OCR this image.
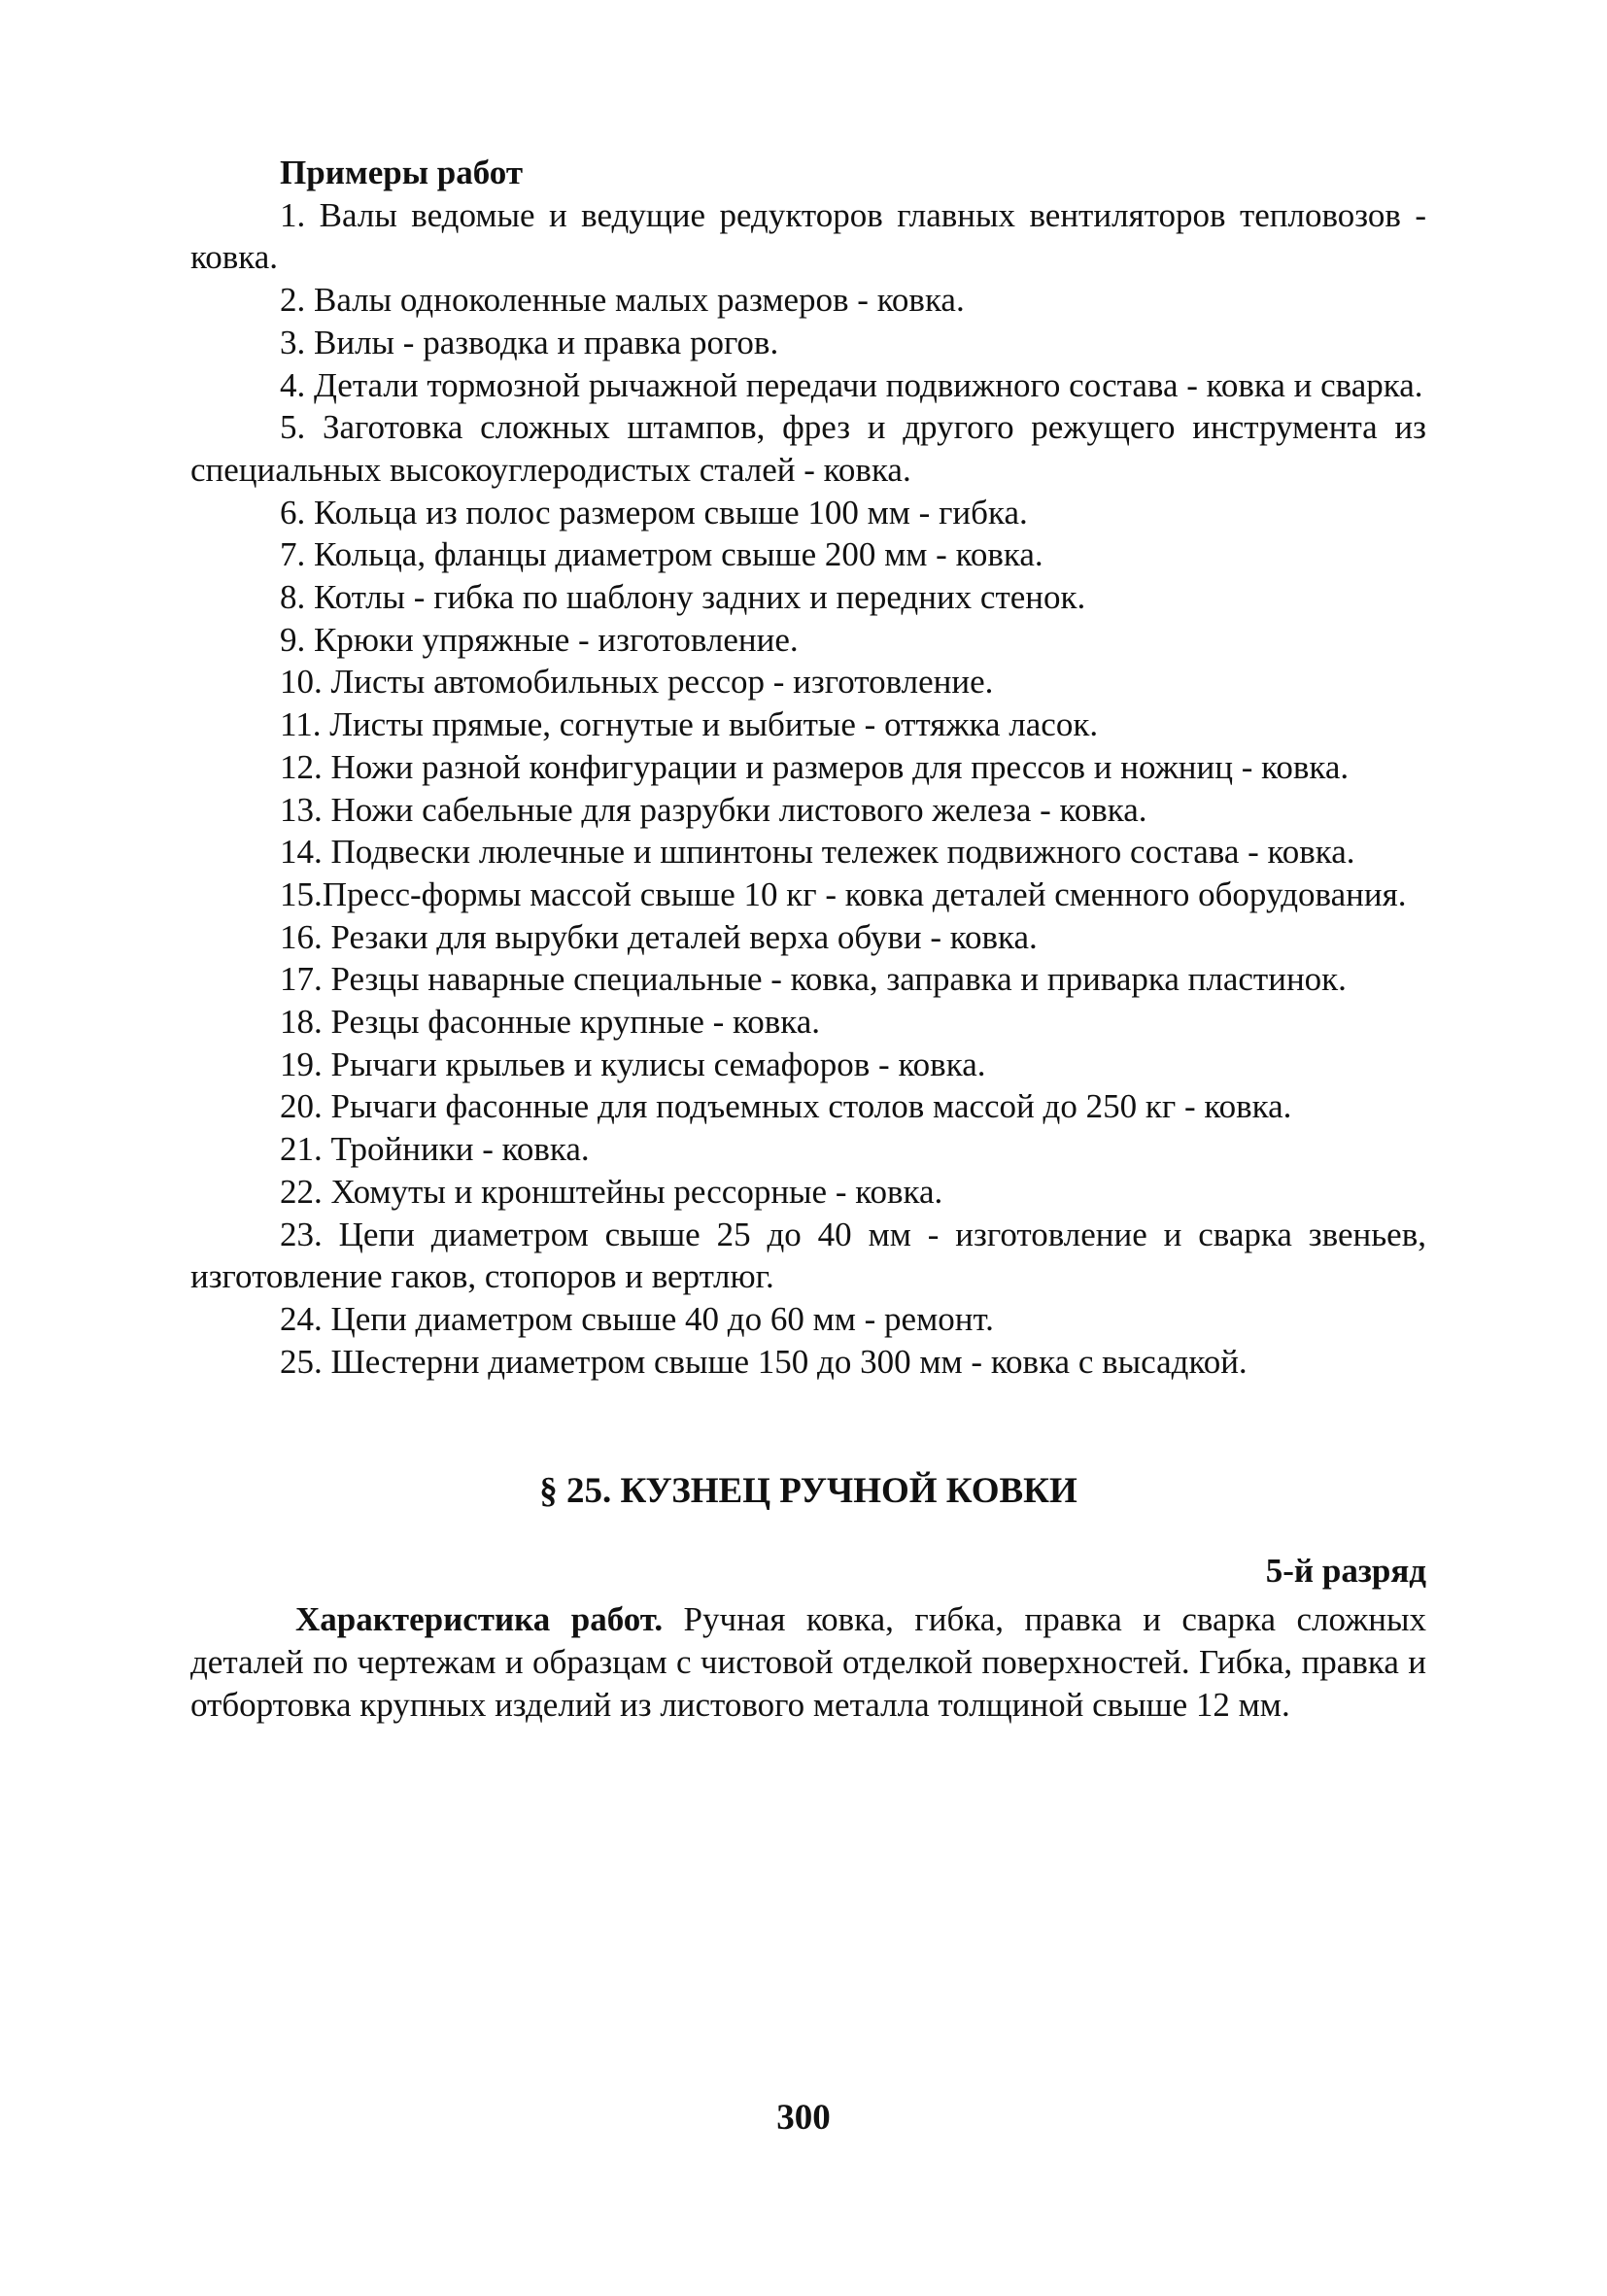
Примеры работ

1. Валы ведомые и ведущие редукторов главных вентиляторов тепловозов - ковка.

2. Валы одноколенные малых размеров - ковка.

3. Вилы - разводка и правка рогов.

4. Детали тормозной рычажной передачи подвижного состава - ковка и сварка.

5. Заготовка сложных штампов, фрез и другого режущего инструмента из специальных высокоуглеродистых сталей - ковка.

6. Кольца из полос размером свыше 100 мм - гибка.

7. Кольца, фланцы диаметром свыше 200 мм - ковка.

8. Котлы - гибка по шаблону задних и передних стенок.

9. Крюки упряжные - изготовление.

10. Листы автомобильных рессор - изготовление.

11. Листы прямые, согнутые и выбитые - оттяжка ласок.

12. Ножи разной конфигурации и размеров для прессов и ножниц - ковка.

13. Ножи сабельные для разрубки листового железа - ковка.

14. Подвески люлечные и шпинтоны тележек подвижного состава - ковка.

15.Пресс-формы массой свыше 10 кг - ковка деталей сменного оборудования.

16. Резаки для вырубки деталей верха обуви - ковка.

17. Резцы наварные специальные - ковка, заправка и приварка пластинок.

18. Резцы фасонные крупные - ковка.

19. Рычаги крыльев и кулисы семафоров - ковка.

20. Рычаги фасонные для подъемных столов массой до 250 кг - ковка.

21. Тройники - ковка.

22. Хомуты и кронштейны рессорные - ковка.

23. Цепи диаметром свыше 25 до 40 мм - изготовление и сварка звеньев, изготовление гаков, стопоров и вертлюг.

24. Цепи диаметром свыше 40 до 60 мм - ремонт.

25. Шестерни диаметром свыше 150 до 300 мм - ковка с высадкой.

§ 25. КУЗНЕЦ РУЧНОЙ КОВКИ

5-й разряд

Характеристика работ. Ручная ковка, гибка, правка и сварка сложных деталей по чертежам и образцам с чистовой отделкой поверхностей. Гибка, правка и отбортовка крупных изделий из листового металла толщиной свыше 12 мм.

300
